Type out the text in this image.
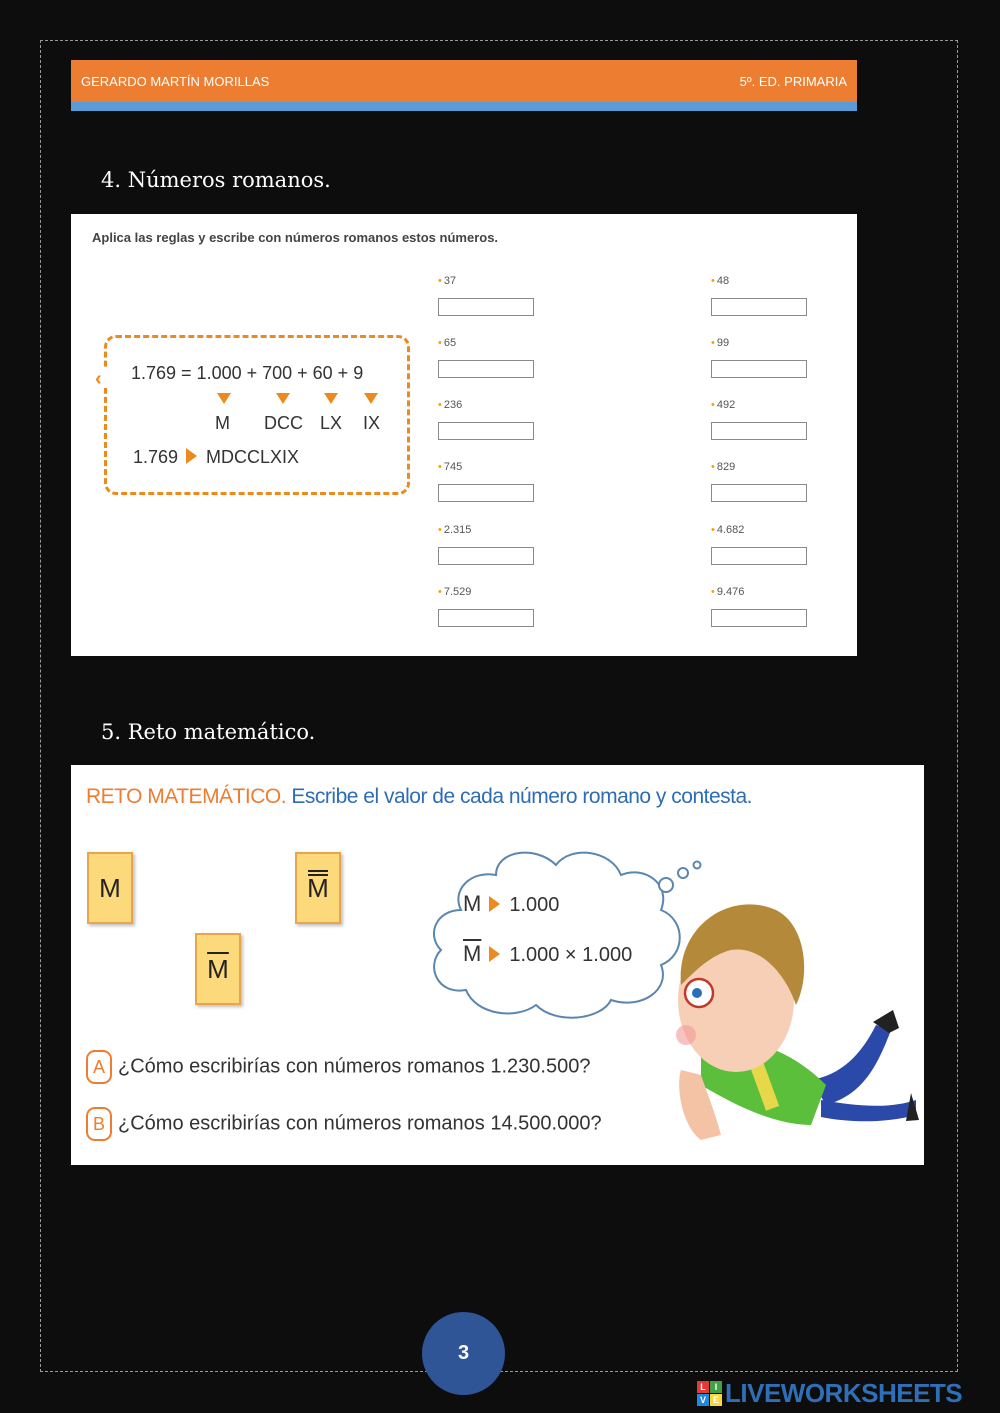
GERARDO MARTÍN MORILLAS	5º. ED. PRIMARIA
4. Números romanos.
Aplica las reglas y escribe con números romanos estos números.
‹ 1.769 = 1.000 + 700 + 60 + 9
M DCC LX IX
1.769 MDCCLXIX
• 37	• 48
• 65	• 99
• 236	• 492
• 745	• 829
• 2.315	• 4.682
• 7.529	• 9.476
5. Reto matemático.
RETO MATEMÁTICO. Escribe el valor de cada número romano y contesta.
M	M
$\overline{M}$
M 1.000
$\overline{M}$ 1.000 × 1.000
A ¿Cómo escribirías con números romanos 1.230.500?
B ¿Cómo escribirías con números romanos 14.500.000?
3
L I
V E LIVEWORKSHEETS
